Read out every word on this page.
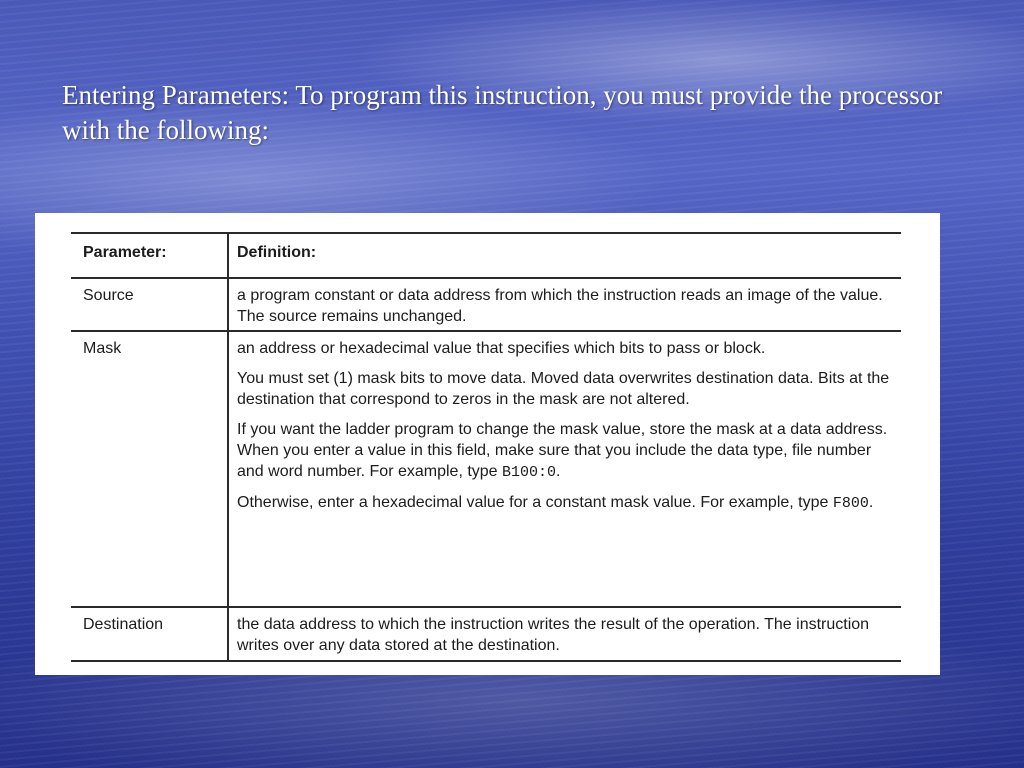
Entering Parameters: To program this instruction, you must provide the processor with the following:
Parameter:	Definition:
Source	a program constant or data address from which the instruction reads an image of the value. The source remains unchanged.
Mask	an address or hexadecimal value that specifies which bits to pass or block.
You must set (1) mask bits to move data. Moved data overwrites destination data. Bits at the destination that correspond to zeros in the mask are not altered.
If you want the ladder program to change the mask value, store the mask at a data address. When you enter a value in this field, make sure that you include the data type, file number and word number. For example, type B100:0.
Otherwise, enter a hexadecimal value for a constant mask value. For example, type F800.
Destination	the data address to which the instruction writes the result of the operation. The instruction writes over any data stored at the destination.
